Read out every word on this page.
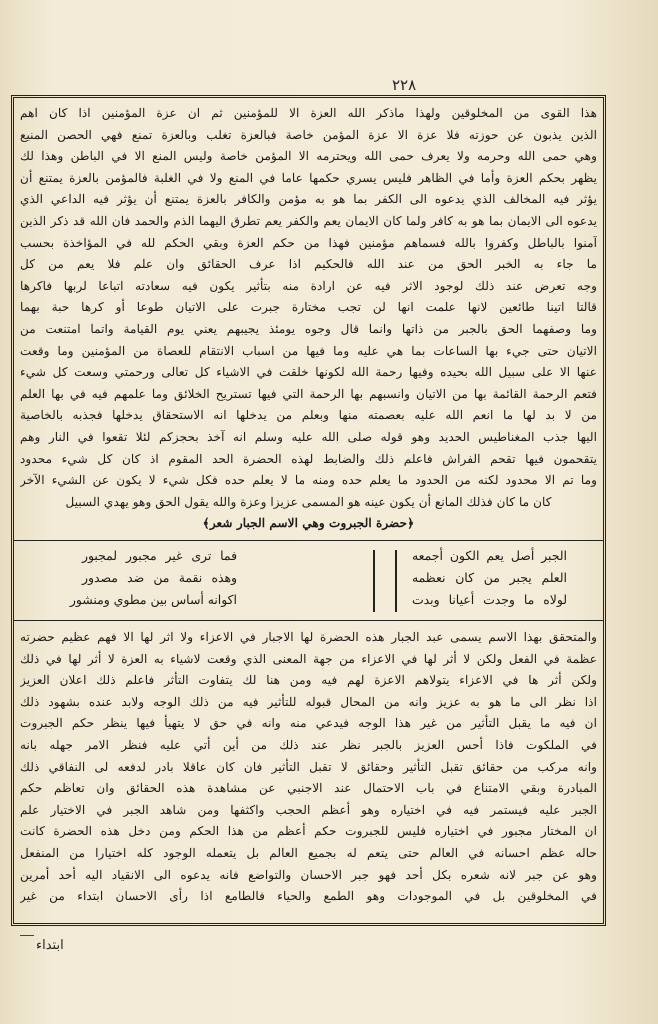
٢٢٨
هذا القوى من المخلوقين ولهذا ماذكر الله العزة الا للمؤمنين ثم ان عزة المؤمنين اذا كان اهم
الذين يذبون عن حوزته فلا عزة الا عزة المؤمن خاصة فبالعزة تغلب وبالعزة تمنع فهي الحصن المنيع
وهي حمى الله وحرمه ولا يعرف حمى الله ويحترمه الا المؤمن خاصة وليس المنع الا في الباطن وهذا لك
يظهر بحكم العزة وأما في الظاهر فليس يسري حكمها عاما في المنع ولا في الغلبة فالمؤمن بالعزة يمتنع أن
يؤثر فيه المخالف الذي يدعوه الى الكفر بما هو به مؤمن والكافر بالعزة يمتنع أن يؤثر فيه الداعي الذي
يدعوه الى الايمان بما هو به كافر ولما كان الايمان يعم والكفر يعم تطرق اليهما الذم والحمد فان الله قد ذكر الذين
آمنوا بالباطل وكفروا بالله فسماهم مؤمنين فهذا من حكم العزة وبقي الحكم لله في المؤاخذة بحسب
ما جاء به الخبر الحق من عند الله فالحكيم اذا عرف الحقائق وان علم فلا يعم من كل
وجه تعرض عند ذلك لوجود الاثر فيه عن ارادة منه بتأثير يكون فيه سعادته اتباعا لربها فاكرها
قالتا اتينا طائعين لانها علمت انها لن تجب مختارة جبرت على الاتيان طوعا أو كرها حبة بهما
وما وصفهما الحق بالجبر من ذاتها وانما قال وجوه يومئذ يجيبهم يعني يوم القيامة واتما امتنعت من
الاتيان حتى جيء بها الساعات بما هي عليه وما فيها من اسباب الانتقام للعصاة من المؤمنين وما وقعت
عنها الا على سبيل الله بحيده وفيها رحمة الله لكونها خلقت في الاشياء كل تعالى ورحمتي وسعت كل شيء
فتعم الرحمة القائمة بها من الاتيان وانسبهم بها الرحمة التي فيها تستريح الخلائق وما علمهم فيه في بها العلم
من لا بد لها ما انعم الله عليه بعصمته منها وبعلم من يدخلها انه الاستحقاق يدخلها فجذبه بالخاصية
اليها جذب المغناطيس الحديد وهو قوله صلى الله عليه وسلم انه آخذ بحجزكم لئلا تقعوا في النار وهم
يتقحمون فيها تقحم الفراش فاعلم ذلك والضابط لهذه الحضرة الحد المقوم اذ كان كل شيء محدود
وما تم الا محدود لكنه من الحدود ما يعلم حده ومنه ما لا يعلم حده فكل شيء لا يكون عن الشيء الآخر
كان ما كان فذلك المانع أن يكون عينه هو المسمى عزيزا وعزة والله يقول الحق وهو يهدي السبيل
﴿حضرة الجبروت وهي الاسم الجبار شعر﴾
الجبر أصل يعم الكون أجمعه
العلم يجبر من كان نعظمه
لولاه ما وجدت أعيانا وبدت
فما ترى غير مجبور لمجبور
وهذه نقمة من ضد مصدور
اكوانه أساس بين مطوي ومنشور
والمتحقق بهذا الاسم يسمى عبد الجبار هذه الحضرة لها الاجبار في الاعزاء ولا اثر لها الا فهم عظيم حضرته
عظمة في الفعل ولكن لا أثر لها في الاعزاء من جهة المعنى الذي وقعت لاشياء به العزة لا أثر لها في ذلك
ولكن أثر ها في الاعزاء يتولاهم الاعزة لهم فيه ومن هنا لك يتفاوت التأثر فاعلم ذلك اعلان العزيز
اذا نظر الى ما هو به عزيز وانه من المحال قبوله للتأثير فيه من ذلك الوجه ولابد عنده بشهود ذلك
ان فيه ما يقبل التأثير من غير هذا الوجه فيدعي منه وانه في حق لا يتهيأ فيها ينظر حكم الجبروت
في الملكوت فاذا أحس العزيز بالجبر نظر عند ذلك من أين أتي عليه فنظر الامر جهله بانه
وانه مركب من حقائق تقبل التأثير وحقائق لا تقبل التأثير فان كان عاقلا بادر لدفعه لى النفاقي ذلك
المبادرة وبقي الامتناع في باب الاحتمال عند الاجنبي عن مشاهدة هذه الحقائق وان تعاظم حكم
الجبر عليه فيستمر فيه في اختياره وهو أعظم الحجب واكثفها ومن شاهد الجبر في الاختيار علم
ان المختار مجبور في اختياره فليس للجبروت حكم أعظم من هذا الحكم ومن دخل هذه الحضرة كانت
حاله عظم احسانه في العالم حتى يتعم له بجميع العالم بل يتعمله الوجود كله اختيارا من المنفعل
وهو عن جبر لانه شعره بكل أحد فهو جبر الاحسان والتواضع فانه يدعوه الى الانقياد اليه أحد أمرين
في المخلوقين بل في الموجودات وهو الطمع والحياء فالطامع اذا رأى الاحسان ابتداء من غير
ابتداء
